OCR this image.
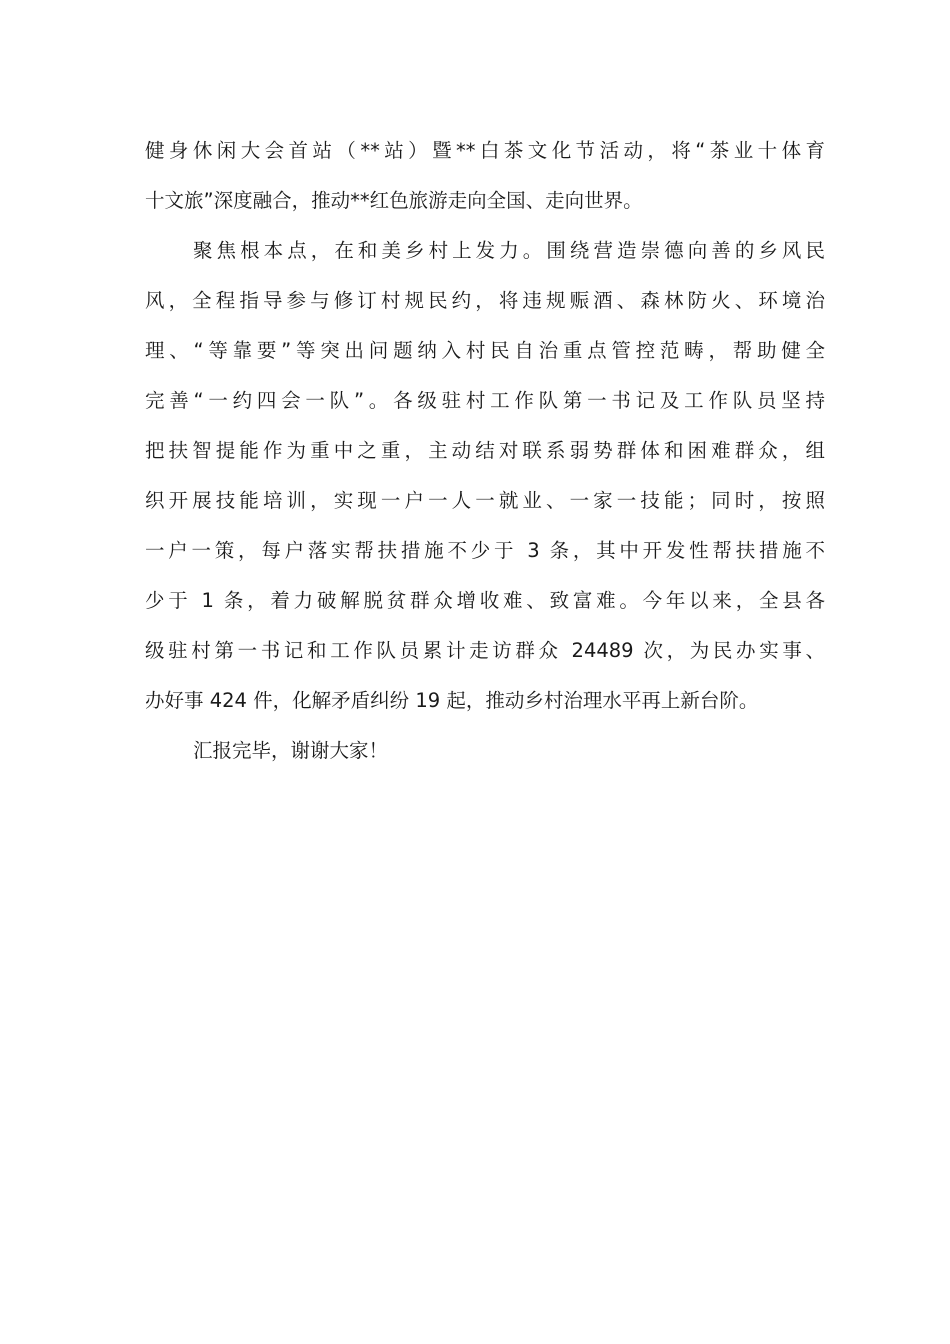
健身休闲大会首站（**站）暨**白茶文化节活动，将“茶业十体育
十文旅”深度融合，推动**红色旅游走向全国、走向世界。
聚焦根本点，在和美乡村上发力。围绕营造崇德向善的乡风民
风，全程指导参与修订村规民约，将违规赈酒、森林防火、环境治
理、“等靠要”等突出问题纳入村民自治重点管控范畴，帮助健全
完善“一约四会一队”。各级驻村工作队第一书记及工作队员坚持
把扶智提能作为重中之重，主动结对联系弱势群体和困难群众，组
织开展技能培训，实现一户一人一就业、一家一技能；同时，按照
一户一策，每户落实帮扶措施不少于 3 条，其中开发性帮扶措施不
少于 1 条，着力破解脱贫群众增收难、致富难。今年以来，全县各
级驻村第一书记和工作队员累计走访群众 24489 次，为民办实事、
办好事 424 件，化解矛盾纠纷 19 起，推动乡村治理水平再上新台阶。
汇报完毕，谢谢大家！
